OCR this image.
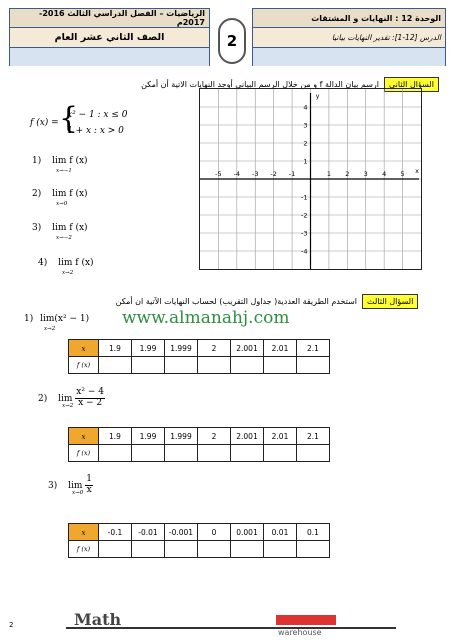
الرياضيات – الفصل الدراسي الثالث 2016-2017م
الصف الثاني عشر العام
الوحدة 12 : النهايات و المشتقات
الدرس [12-1]: تقدير النهايات بيانيا
2
السؤال الثاني
ارسم بيان الدالة f و من خلال الرسم البياني أوجد النهايات الاتية أن أمكن
f (x) = {
x² − 1 : x ≤ 0
1 + x : x > 0
1) lim f (x)
x→−1
2) lim f (x)
x→0
3) lim f (x)
x→−2
4) lim f (x)
x→2
-5 -4 -3 -2 -1	1 2 3 4 5
4
3
2
1
-1
-2
-3
-4
x
y
السؤال الثالث
استخدم الطريقة العددية( جداول التقريب) لحساب النهايات الآتية ان أمكن
1) lim(x² − 1)
x→2
www.almanahj.com
x	1.9	1.99	1.999	2	2.001	2.01	2.1
f (x)							
2) $\lim \frac{\text{x² − 4}}{x - 2}$
x→2
x	1.9	1.99	1.999	2	2.001	2.01	2.1
f (x)							
3) $\lim \frac{1}{x}$
x→0
x	-0.1	-0.01	-0.001	0	0.001	0.01	0.1
f (x)							
Math
warehouse
2
